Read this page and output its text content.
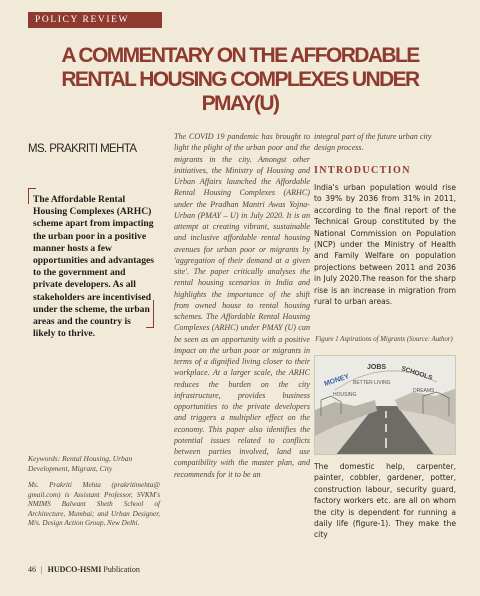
POLICY REVIEW
A COMMENTARY ON THE AFFORDABLE RENTAL HOUSING COMPLEXES UNDER PMAY(U)
MS. PRAKRITI MEHTA

The Affordable Rental Housing Complexes (ARHC) scheme apart from impacting the urban poor in a positive manner hosts a few opportunities and advantages to the government and private developers. As all stakeholders are incentivised under the scheme, the urban areas and the country is likely to thrive.

Keywords: Rental Housing, Urban Development, Migrant, City

Ms. Prakriti Mehta (prakritimehta@ gmail.com) is Assistant Professor, SVKM's NMIMS Balwant Sheth School of Architecture, Mumbai; and Urban Designer, M/s. Design Action Group, New Delhi.

The COVID 19 pandemic has brought to light the plight of the urban poor and the migrants in the city. Amongst other initiatives, the Ministry of Housing and Urban Affairs launched the Affordable Rental Housing Complexes (ARHC) under the Pradhan Mantri Awas Yojna- Urban (PMAY – U) in July 2020. It is an attempt at creating vibrant, sustainable and inclusive affordable rental housing avenues for urban poor or migrants by 'aggregation of their demand at a given site'. The paper critically analyses the rental housing scenarios in India and highlights the importance of the shift from owned house to rental housing schemes. The Affordable Rental Housing Complexes (ARHC) under PMAY (U) can be seen as an opportunity with a positive impact on the urban poor or migrants in terms of a dignified living closer to their workplace. At a larger scale, the ARHC reduces the burden on the city infrastructure, provides business opportunities to the private developers and triggers a multiplier effect on the economy. This paper also identifies the potential issues related to conflicts between parties involved, land use compatibility with the master plan, and recommends for it to be an

integral part of the future urban city design process.

INTRODUCTION

India's urban population would rise to 39% by 2036 from 31% in 2011, according to the final report of the Technical Group constituted by the National Commission on Population (NCP) under the Ministry of Health and Family Welfare on population projections between 2011 and 2036 in July 2020.The reason for the sharp rise is an increase in migration from rural to urban areas.

Figure 1 Aspirations of Migrants (Source: Author)

MONEY
JOBS SCHOOLS
BETTER LIVING
DREAMS
HOUSING

The domestic help, carpenter, painter, cobbler, gardener, potter, construction labour, security guard, factory workers etc. are all on whom the city is dependent for running a daily life (figure-1). They make the city

46 | HUDCO-HSMI Publication
